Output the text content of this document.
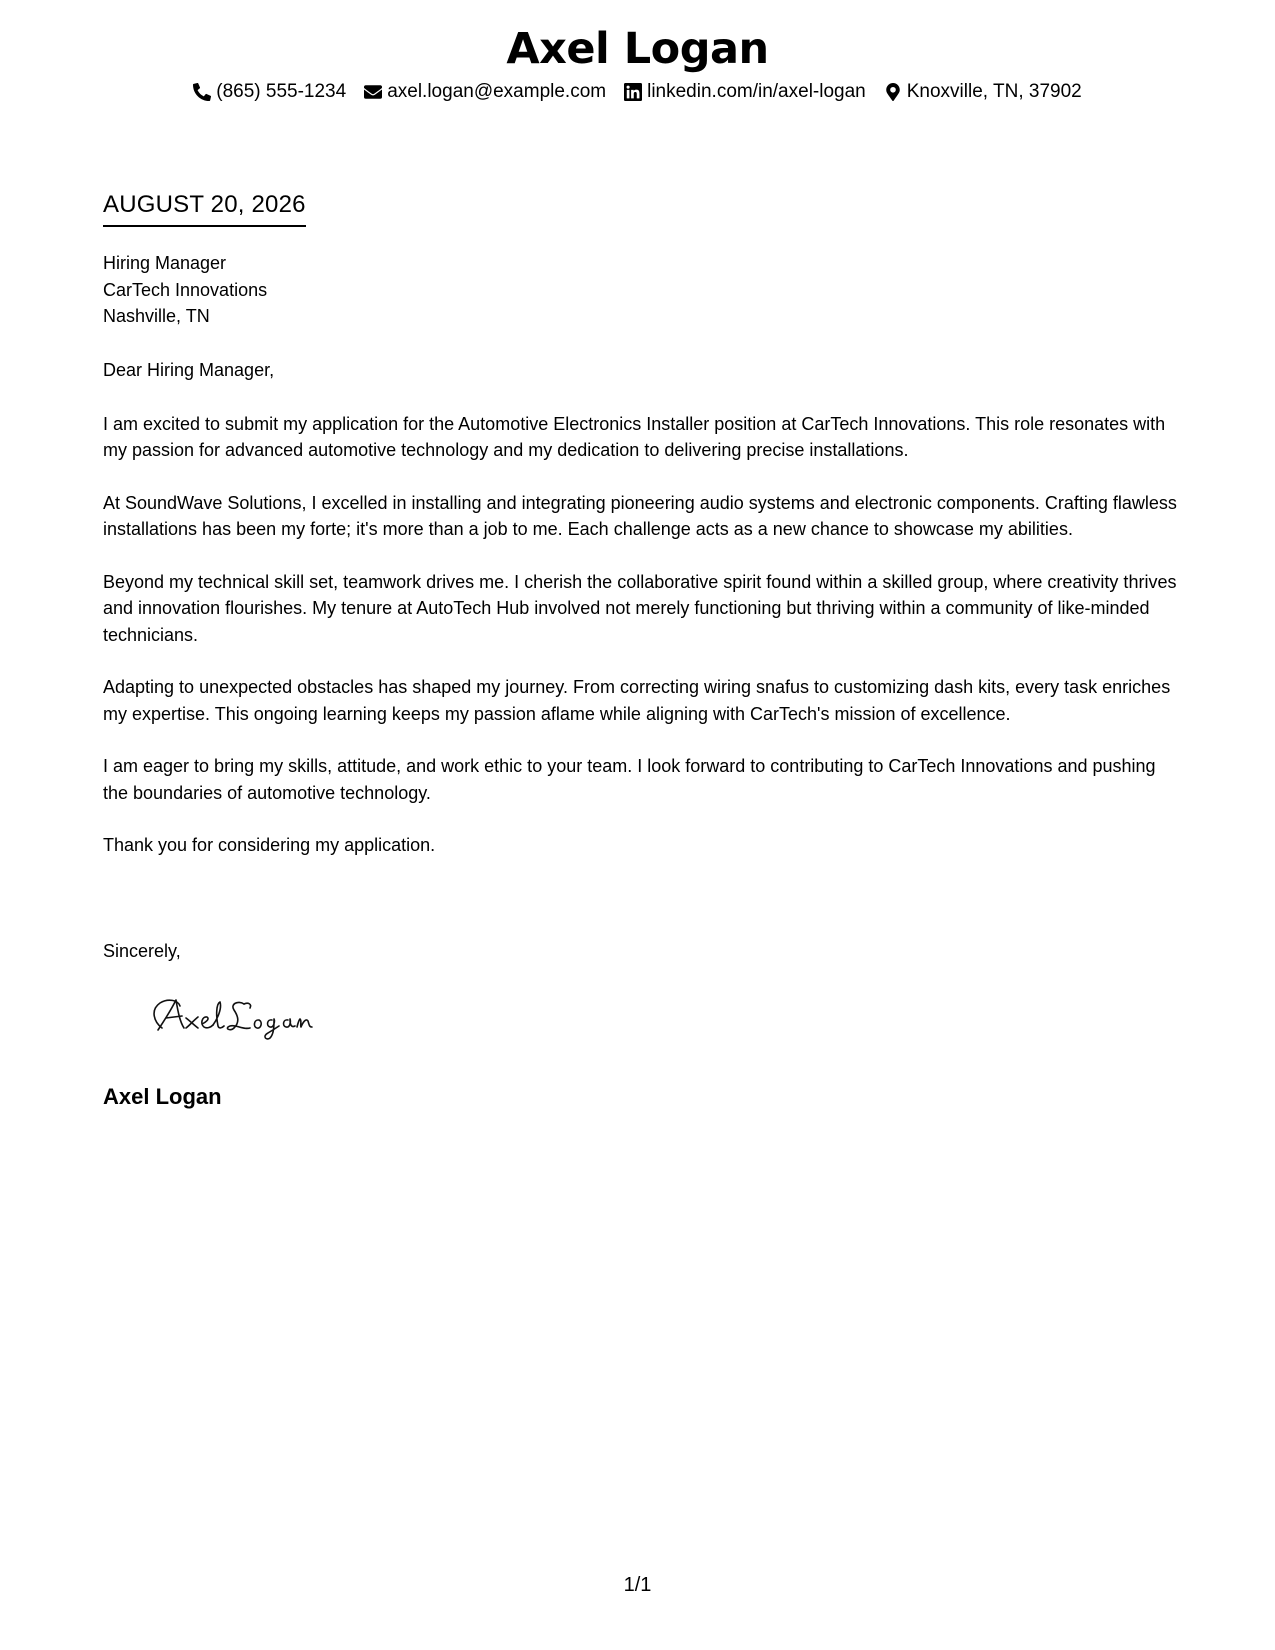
Axel Logan
(865) 555-1234 axel.logan@example.com linkedin.com/in/axel-logan Knoxville, TN, 37902
AUGUST 20, 2026
Hiring Manager
CarTech Innovations
Nashville, TN

Dear Hiring Manager,

I am excited to submit my application for the Automotive Electronics Installer position at CarTech Innovations. This role resonates with my passion for advanced automotive technology and my dedication to delivering precise installations.

At SoundWave Solutions, I excelled in installing and integrating pioneering audio systems and electronic components. Crafting flawless installations has been my forte; it's more than a job to me. Each challenge acts as a new chance to showcase my abilities.

Beyond my technical skill set, teamwork drives me. I cherish the collaborative spirit found within a skilled group, where creativity thrives and innovation flourishes. My tenure at AutoTech Hub involved not merely functioning but thriving within a community of like-minded technicians.

Adapting to unexpected obstacles has shaped my journey. From correcting wiring snafus to customizing dash kits, every task enriches my expertise. This ongoing learning keeps my passion aflame while aligning with CarTech's mission of excellence.

I am eager to bring my skills, attitude, and work ethic to your team. I look forward to contributing to CarTech Innovations and pushing the boundaries of automotive technology.

Thank you for considering my application.

Sincerely,
Axel Logan
1/1
